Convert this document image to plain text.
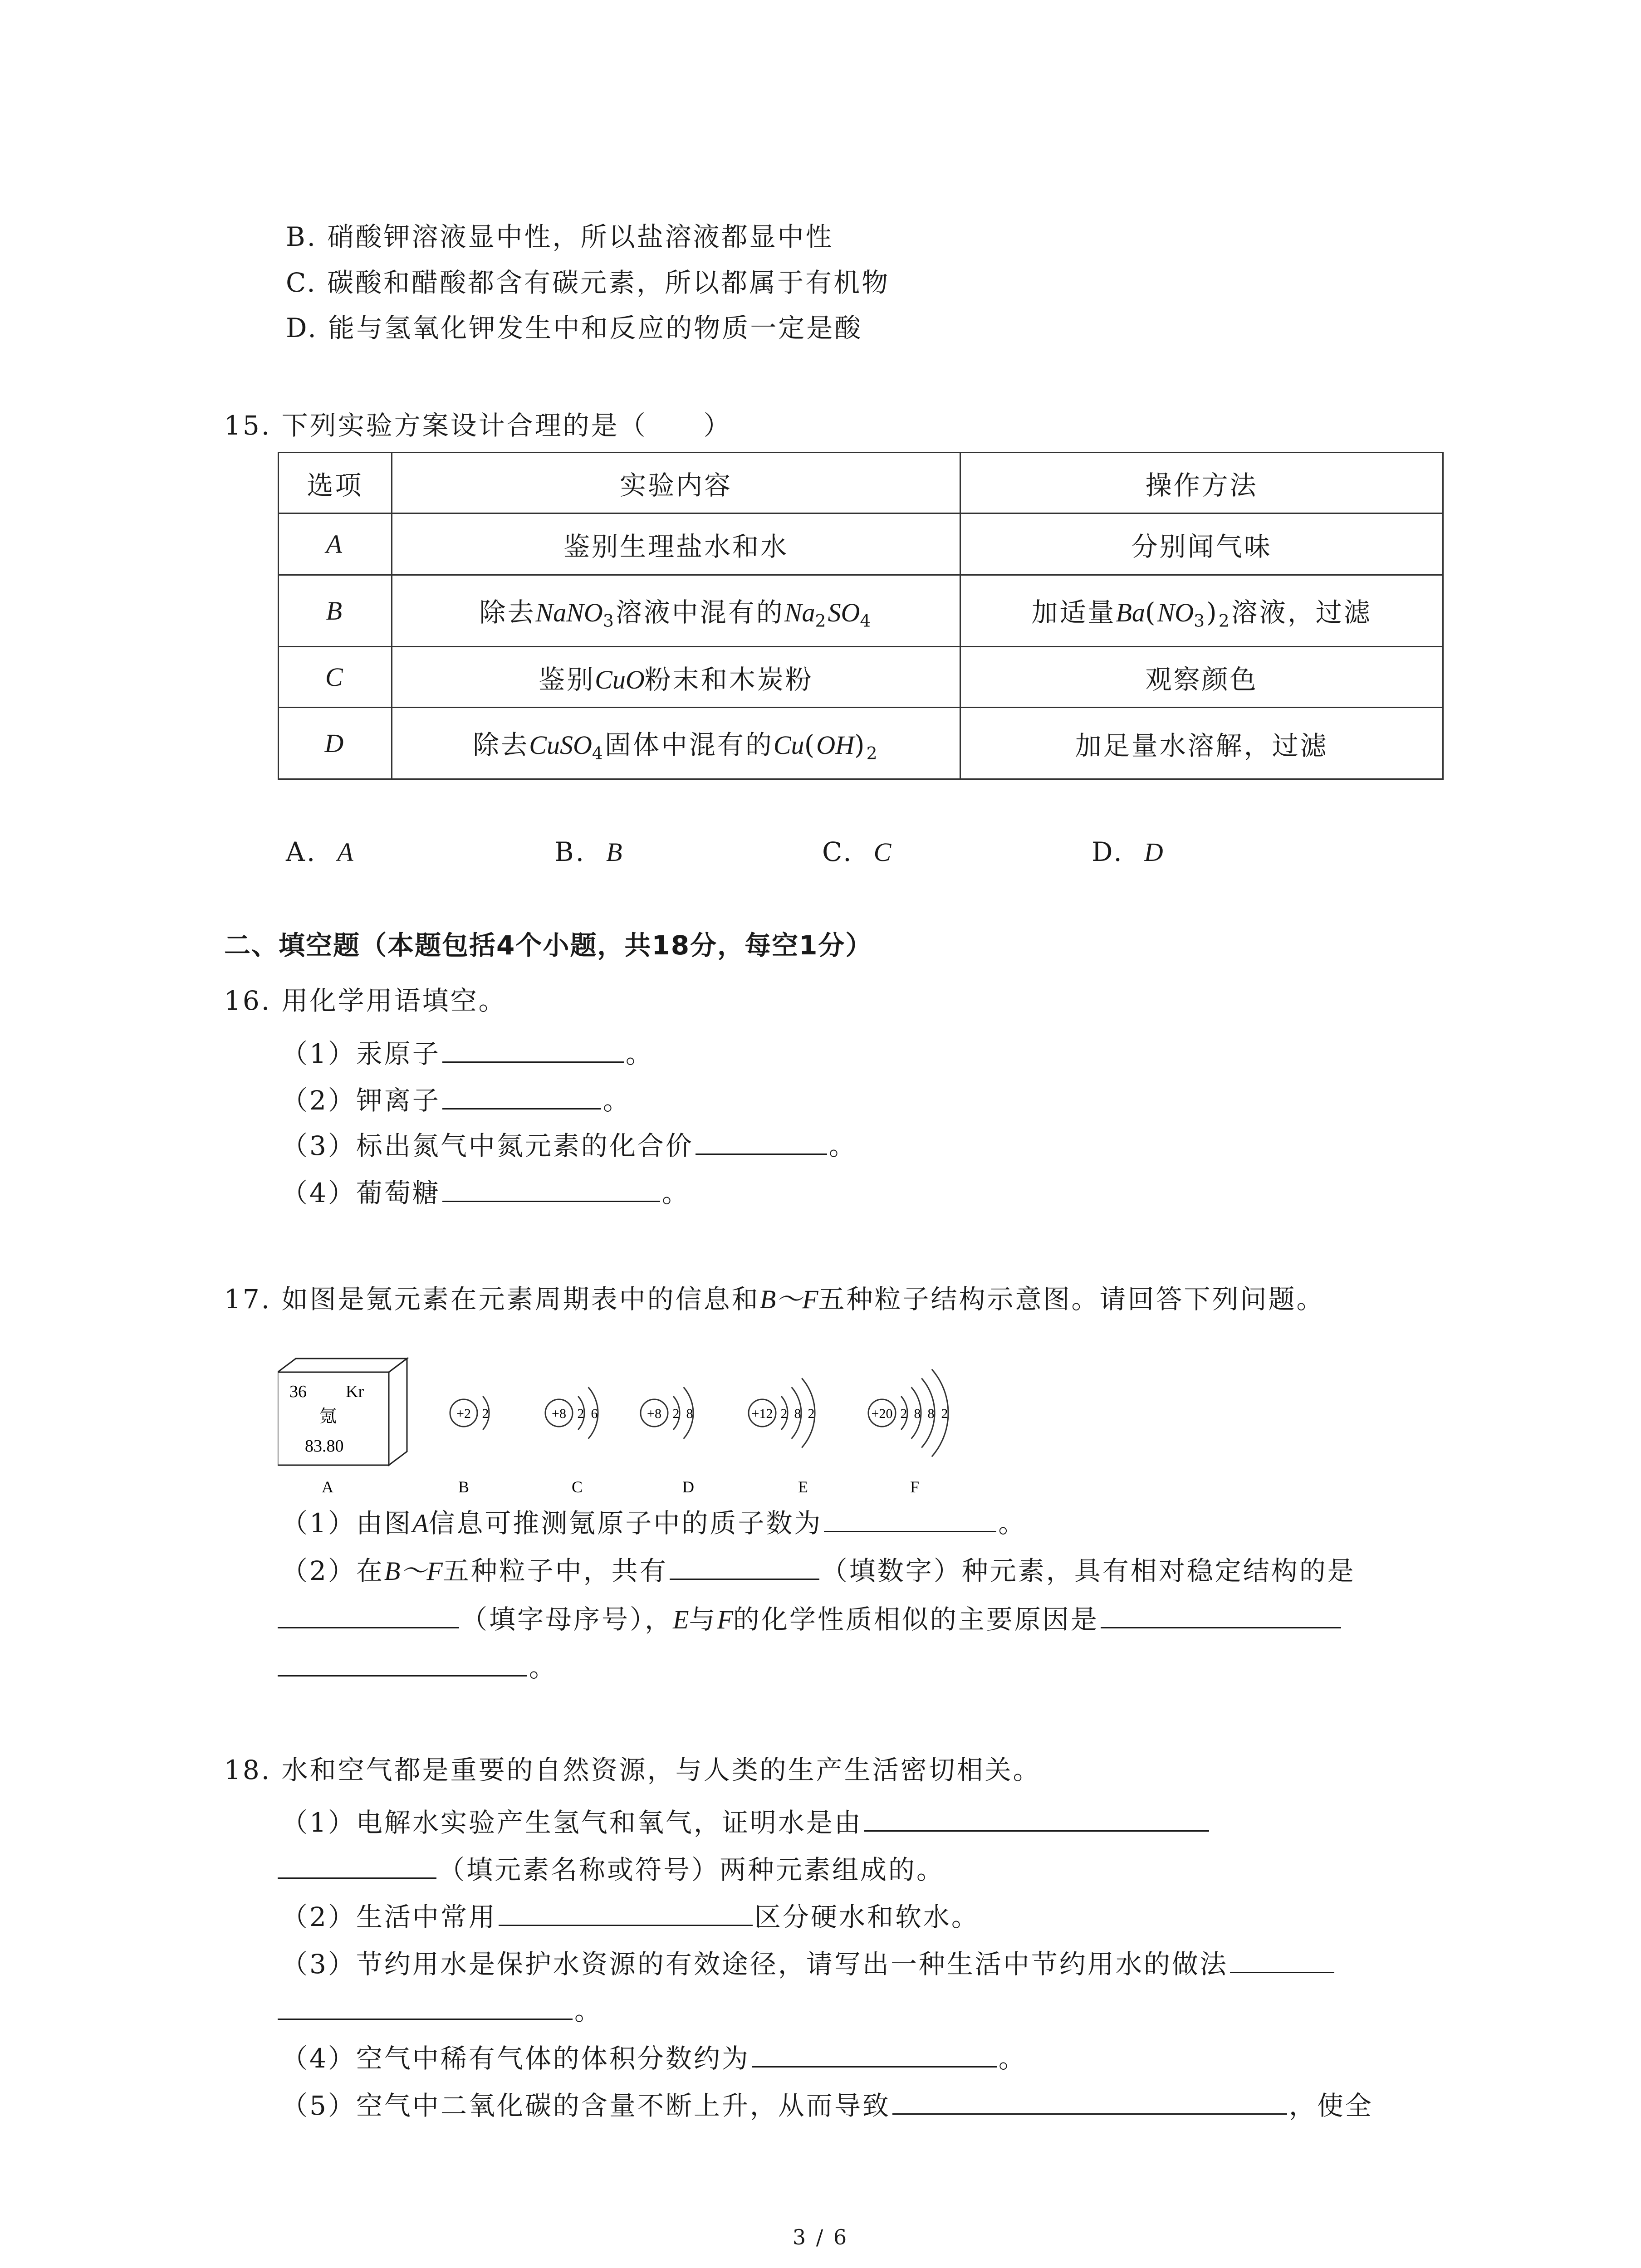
B. 硝酸钾溶液显中性，所以盐溶液都显中性
C. 碳酸和醋酸都含有碳元素，所以都属于有机物
D. 能与氢氧化钾发生中和反应的物质一定是酸
15. 下列实验方案设计合理的是（　　）
选项	实验内容	操作方法
A	鉴别生理盐水和水	分别闻气味
B	除去NaNO$_3$溶液中混有的$Na_2SO_4$	加适量$Ba(NO_3)_2$溶液，过滤
C	鉴别CuO粉末和木炭粉	观察颜色
D	除去CuSO$_4$固体中混有的$Cu(OH)_2$	加足量水溶解，过滤
A. A	B. B	C. C	D. D
二、填空题（本题包括4个小题，共18分，每空1分）
16. 用化学用语填空。
（1）汞原子	。
（2）钾离子	。
（3）标出氮气中氮元素的化合价	。
（4）葡萄糖	。
17. 如图是氪元素在元素周期表中的信息和B～F五种粒子结构示意图。请回答下列问题。
36 Kr
氪
83.80
+2 2	+8 2 6	+8 2 8	+12 2 8 2	+20 2 8 8 2
A	B	C	D	E	F
（1）由图A信息可推测氪原子中的质子数为	。
（2）在B～F五种粒子中，共有	（填数字）种元素，具有相对稳定结构的是
（填字母序号），E与F的化学性质相似的主要原因是
。
18. 水和空气都是重要的自然资源，与人类的生产生活密切相关。
（1）电解水实验产生氢气和氧气，证明水是由
（填元素名称或符号）两种元素组成的。
（2）生活中常用	区分硬水和软水。
（3）节约用水是保护水资源的有效途径，请写出一种生活中节约用水的做法
。
（4）空气中稀有气体的体积分数约为	。
（5）空气中二氧化碳的含量不断上升，从而导致	，使全
3 / 6
